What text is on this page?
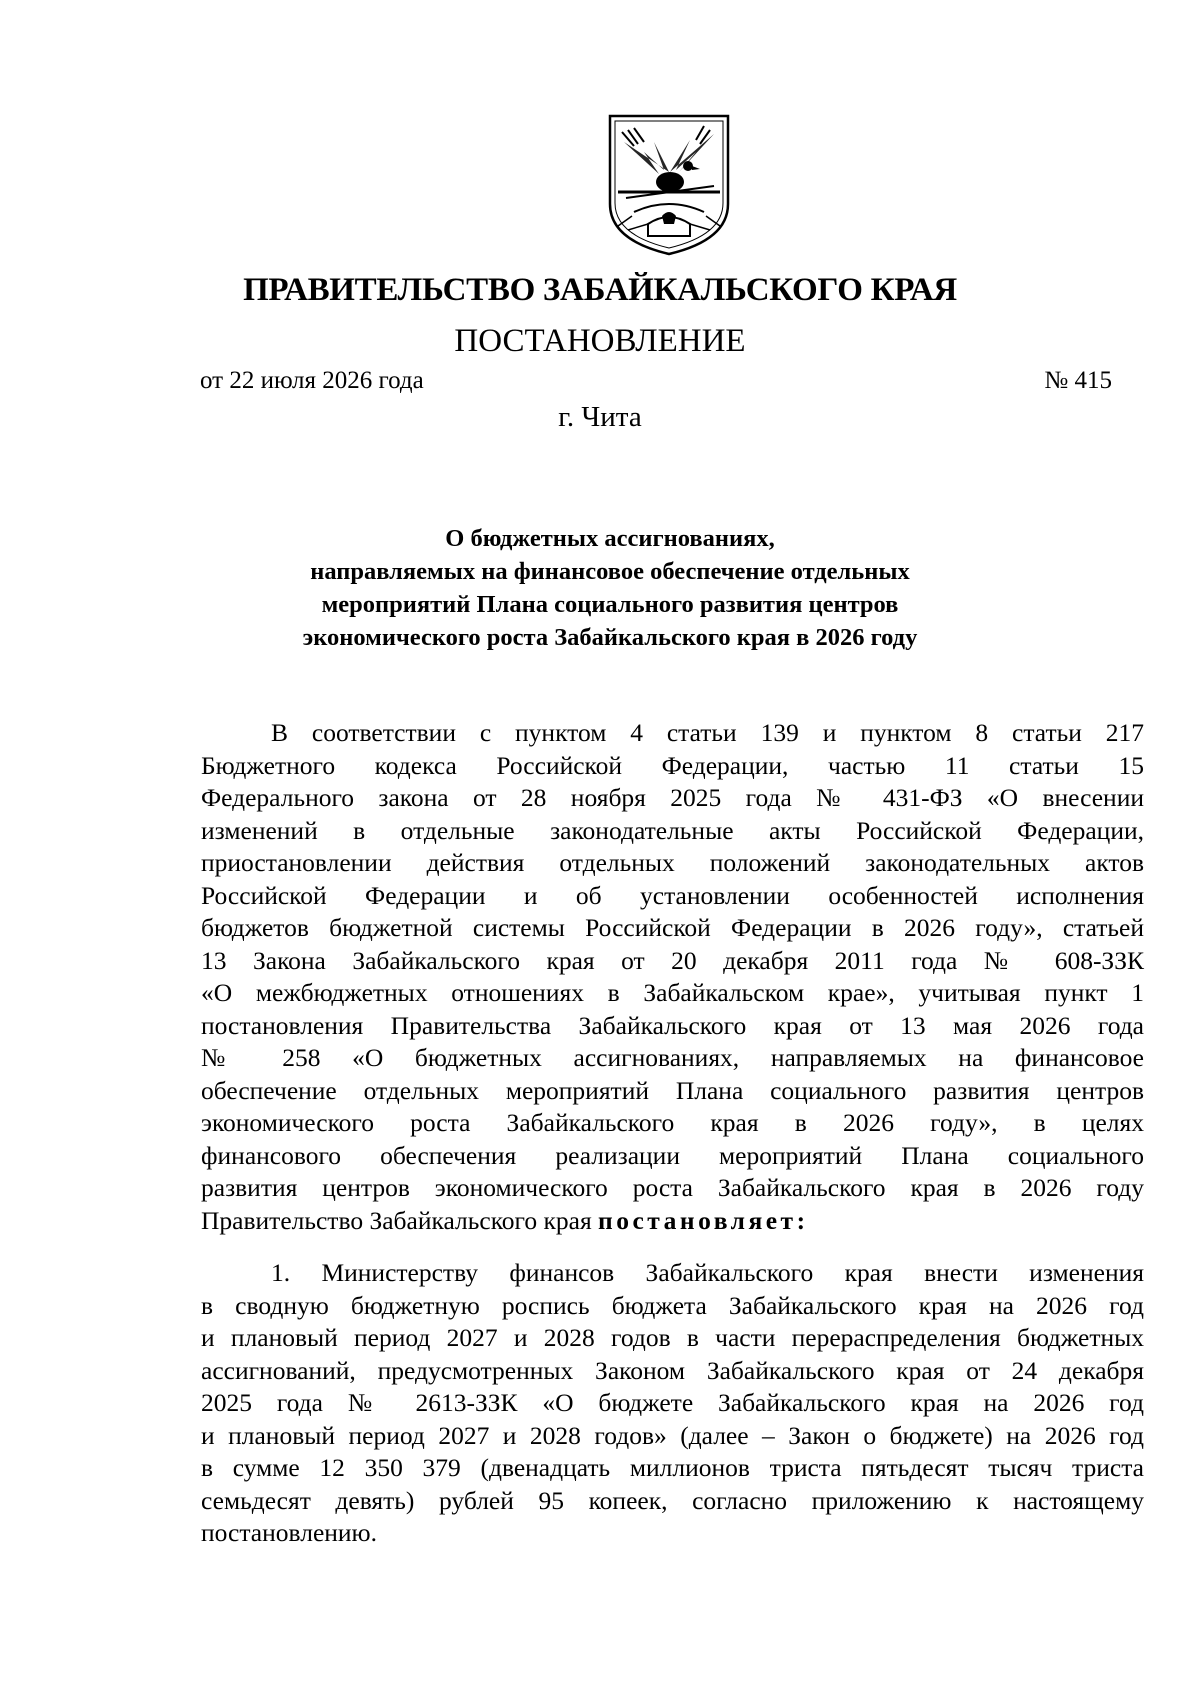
ПРАВИТЕЛЬСТВО ЗАБАЙКАЛЬСКОГО КРАЯ
ПОСТАНОВЛЕНИЕ
от 22 июля 2026 года	№ 415
г. Чита
О бюджетных ассигнованиях,
направляемых на финансовое обеспечение отдельных
мероприятий Плана социального развития центров
экономического роста Забайкальского края в 2026 году
В соответствии с пунктом 4 статьи 139 и пунктом 8 статьи 217
Бюджетного кодекса Российской Федерации, частью 11 статьи 15
Федерального закона от 28 ноября 2025 года № 431-ФЗ «О внесении
изменений в отдельные законодательные акты Российской Федерации,
приостановлении действия отдельных положений законодательных актов
Российской Федерации и об установлении особенностей исполнения
бюджетов бюджетной системы Российской Федерации в 2026 году», статьей
13 Закона Забайкальского края от 20 декабря 2011 года № 608-ЗЗК
«О межбюджетных отношениях в Забайкальском крае», учитывая пункт 1
постановления Правительства Забайкальского края от 13 мая 2026 года
№ 258 «О бюджетных ассигнованиях, направляемых на финансовое
обеспечение отдельных мероприятий Плана социального развития центров
экономического роста Забайкальского края в 2026 году», в целях
финансового обеспечения реализации мероприятий Плана социального
развития центров экономического роста Забайкальского края в 2026 году
Правительство Забайкальского края постановляет:
1. Министерству финансов Забайкальского края внести изменения
в сводную бюджетную роспись бюджета Забайкальского края на 2026 год
и плановый период 2027 и 2028 годов в части перераспределения бюджетных
ассигнований, предусмотренных Законом Забайкальского края от 24 декабря
2025 года № 2613-ЗЗК «О бюджете Забайкальского края на 2026 год
и плановый период 2027 и 2028 годов» (далее – Закон о бюджете) на 2026 год
в сумме 12 350 379 (двенадцать миллионов триста пятьдесят тысяч триста
семьдесят девять) рублей 95 копеек, согласно приложению к настоящему
постановлению.
